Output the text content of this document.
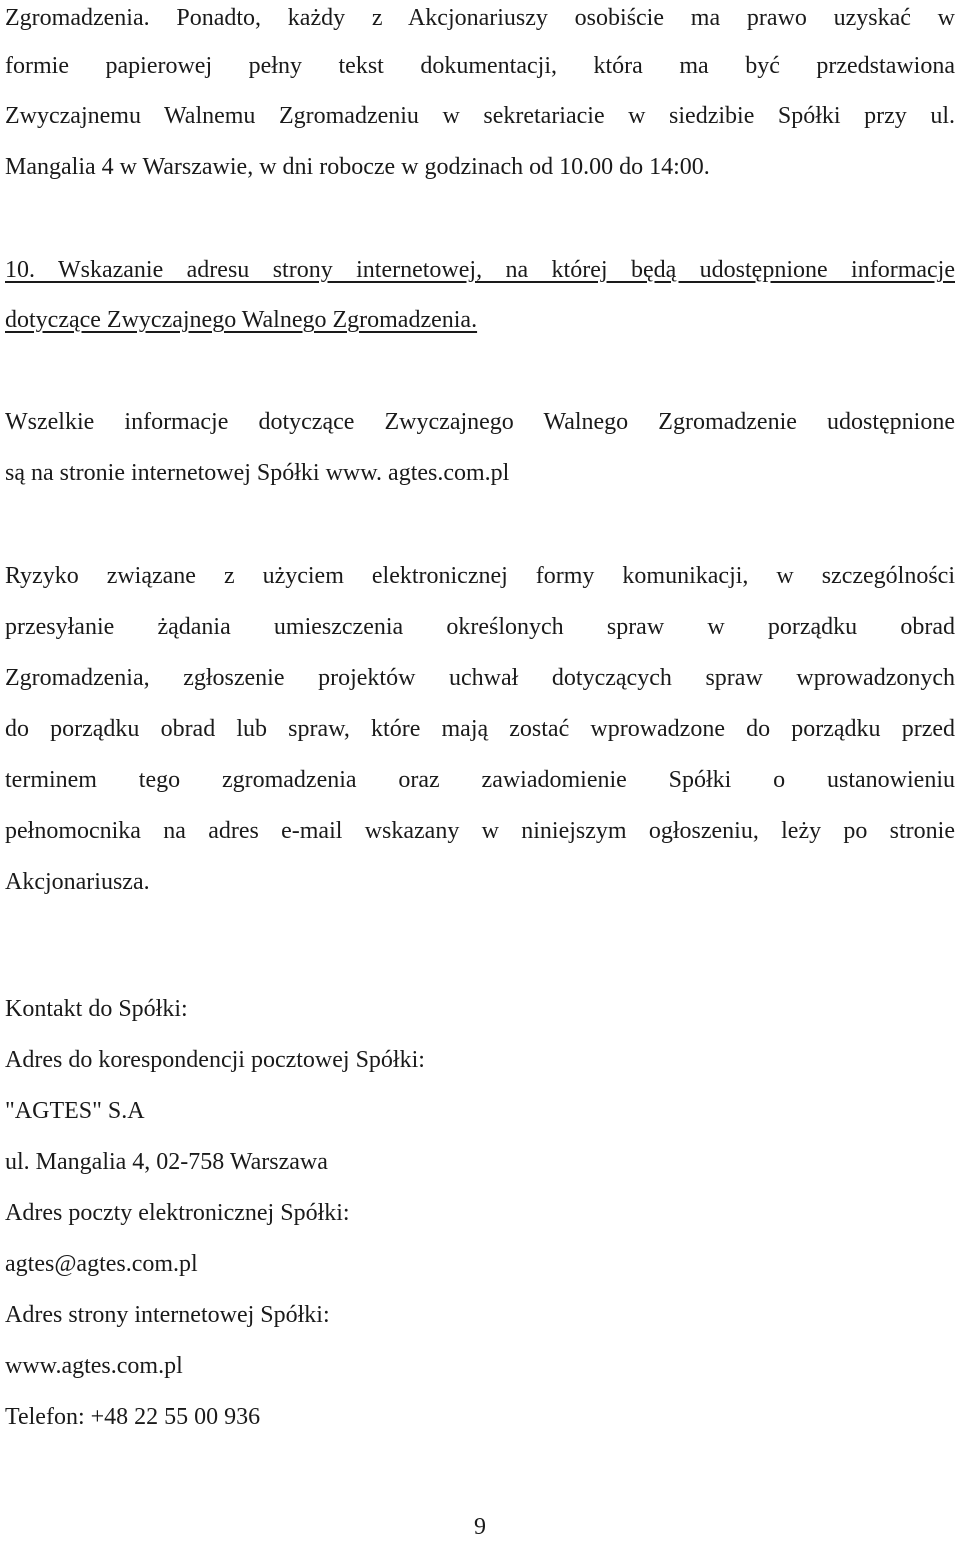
Zgromadzenia. Ponadto, każdy z Akcjonariuszy osobiście ma prawo uzyskać w
formie papierowej pełny tekst dokumentacji, która ma być przedstawiona
Zwyczajnemu Walnemu Zgromadzeniu w sekretariacie w siedzibie Spółki przy ul.
Mangalia 4 w Warszawie, w dni robocze w godzinach od 10.00 do 14:00.
10. Wskazanie adresu strony internetowej, na której będą udostępnione informacje
dotyczące Zwyczajnego Walnego Zgromadzenia.
Wszelkie informacje dotyczące Zwyczajnego Walnego Zgromadzenie udostępnione
są na stronie internetowej Spółki www. agtes.com.pl
Ryzyko związane z użyciem elektronicznej formy komunikacji, w szczególności
przesyłanie żądania umieszczenia określonych spraw w porządku obrad
Zgromadzenia, zgłoszenie projektów uchwał dotyczących spraw wprowadzonych
do porządku obrad lub spraw, które mają zostać wprowadzone do porządku przed
terminem tego zgromadzenia oraz zawiadomienie Spółki o ustanowieniu
pełnomocnika na adres e-mail wskazany w niniejszym ogłoszeniu, leży po stronie
Akcjonariusza.
Kontakt do Spółki:
Adres do korespondencji pocztowej Spółki:
"AGTES" S.A
ul. Mangalia 4, 02-758 Warszawa
Adres poczty elektronicznej Spółki:
agtes@agtes.com.pl
Adres strony internetowej Spółki:
www.agtes.com.pl
Telefon: +48 22 55 00 936
9
